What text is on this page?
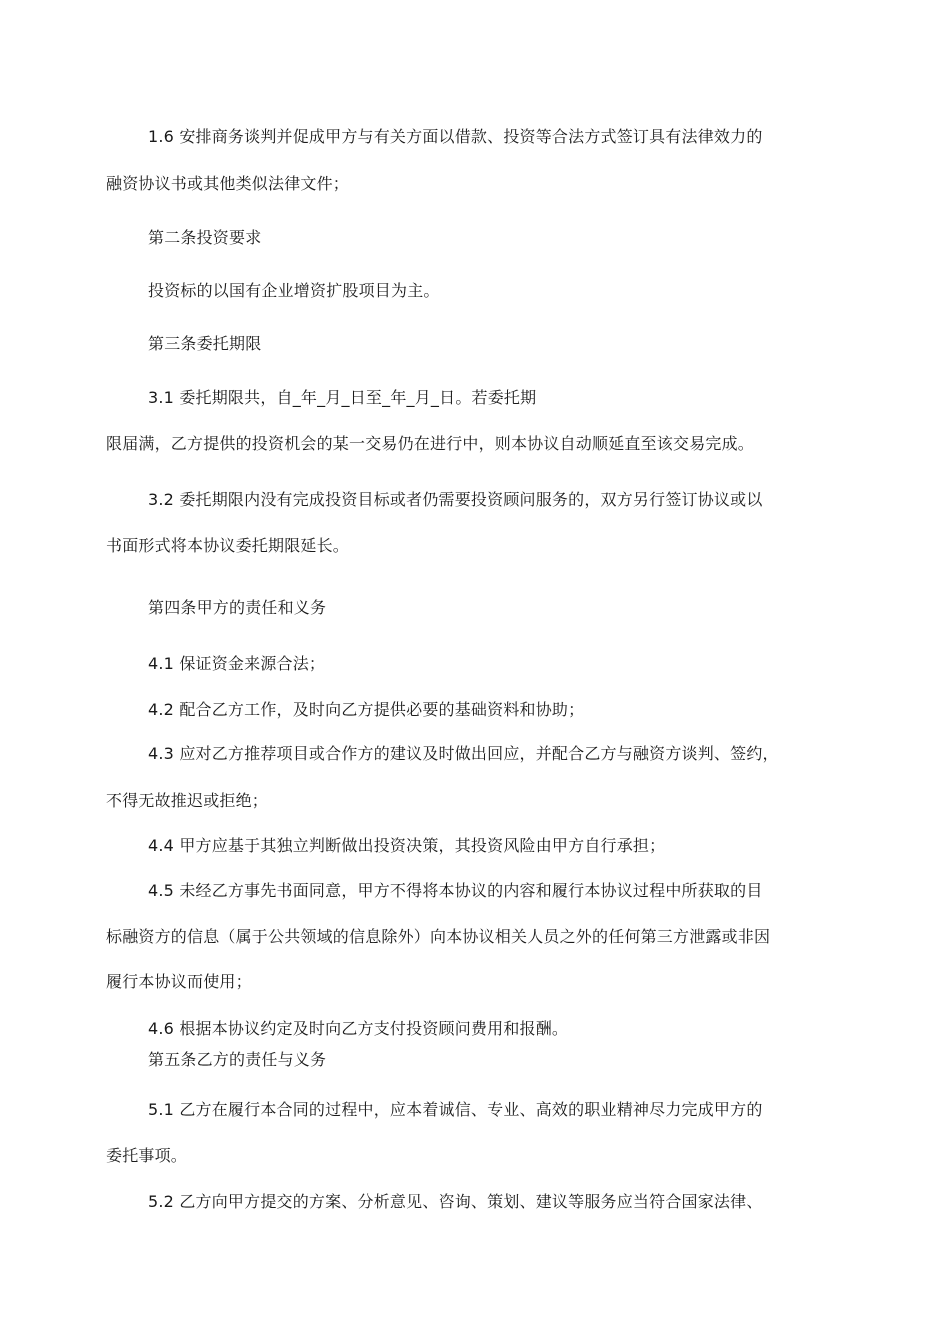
1.6 安排商务谈判并促成甲方与有关方面以借款、投资等合法方式签订具有法律效力的

融资协议书或其他类似法律文件；

第二条投资要求

投资标的以国有企业增资扩股项目为主。

第三条委托期限

3.1 委托期限共，自_年_月_日至_年_月_日。若委托期

限届满，乙方提供的投资机会的某一交易仍在进行中，则本协议自动顺延直至该交易完成。

3.2 委托期限内没有完成投资目标或者仍需要投资顾问服务的，双方另行签订协议或以

书面形式将本协议委托期限延长。

第四条甲方的责任和义务

4.1 保证资金来源合法；

4.2 配合乙方工作，及时向乙方提供必要的基础资料和协助；

4.3 应对乙方推荐项目或合作方的建议及时做出回应，并配合乙方与融资方谈判、签约，

不得无故推迟或拒绝；

4.4 甲方应基于其独立判断做出投资决策，其投资风险由甲方自行承担；

4.5 未经乙方事先书面同意，甲方不得将本协议的内容和履行本协议过程中所获取的目

标融资方的信息（属于公共领域的信息除外）向本协议相关人员之外的任何第三方泄露或非因

履行本协议而使用；

4.6 根据本协议约定及时向乙方支付投资顾问费用和报酬。

第五条乙方的责任与义务

5.1 乙方在履行本合同的过程中，应本着诚信、专业、高效的职业精神尽力完成甲方的

委托事项。

5.2 乙方向甲方提交的方案、分析意见、咨询、策划、建议等服务应当符合国家法律、
